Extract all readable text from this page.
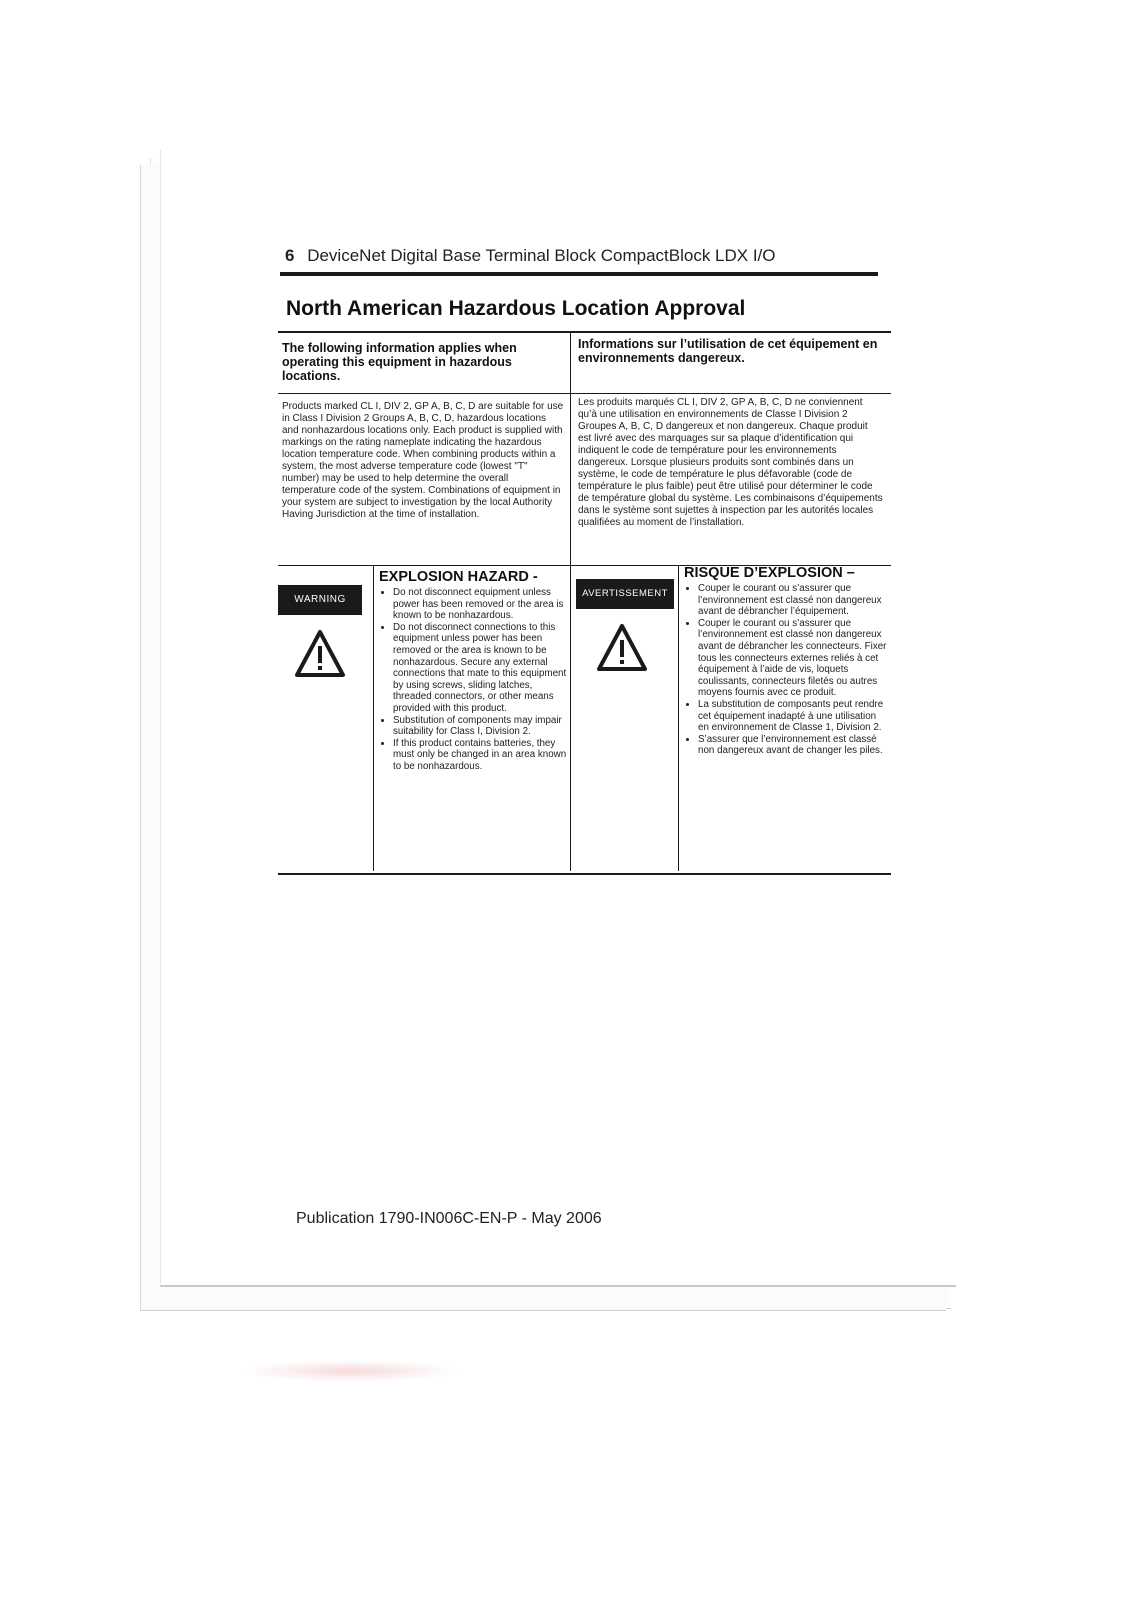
6 DeviceNet Digital Base Terminal Block CompactBlock LDX I/O
North American Hazardous Location Approval
The following information applies when operating this equipment in hazardous locations.
Informations sur l’utilisation de cet équipement en environnements dangereux.
Products marked CL I, DIV 2, GP A, B, C, D are suitable for use in Class I Division 2 Groups A, B, C, D, hazardous locations and nonhazardous locations only. Each product is supplied with markings on the rating nameplate indicating the hazardous location temperature code. When combining products within a system, the most adverse temperature code (lowest "T" number) may be used to help determine the overall temperature code of the system. Combinations of equipment in your system are subject to investigation by the local Authority Having Jurisdiction at the time of installation.
Les produits marqués CL I, DIV 2, GP A, B, C, D ne conviennent qu’à une utilisation en environnements de Classe I Division 2 Groupes A, B, C, D dangereux et non dangereux. Chaque produit est livré avec des marquages sur sa plaque d’identification qui indiquent le code de température pour les environnements dangereux. Lorsque plusieurs produits sont combinés dans un système, le code de température le plus défavorable (code de température le plus faible) peut être utilisé pour déterminer le code de température global du système. Les combinaisons d’équipements dans le système sont sujettes à inspection par les autorités locales qualifiées au moment de l’installation.
WARNING
EXPLOSION HAZARD -
• Do not disconnect equipment unless power has been removed or the area is known to be nonhazardous.
• Do not disconnect connections to this equipment unless power has been removed or the area is known to be nonhazardous. Secure any external connections that mate to this equipment by using screws, sliding latches, threaded connectors, or other means provided with this product.
• Substitution of components may impair suitability for Class I, Division 2.
• If this product contains batteries, they must only be changed in an area known to be nonhazardous.
AVERTISSEMENT
RISQUE D’EXPLOSION –
• Couper le courant ou s’assurer que l’environnement est classé non dangereux avant de débrancher l’équipement.
• Couper le courant ou s’assurer que l’environnement est classé non dangereux avant de débrancher les connecteurs. Fixer tous les connecteurs externes reliés à cet équipement à l’aide de vis, loquets coulissants, connecteurs filetés ou autres moyens fournis avec ce produit.
• La substitution de composants peut rendre cet équipement inadapté à une utilisation en environnement de Classe 1, Division 2.
• S’assurer que l’environnement est classé non dangereux avant de changer les piles.
Publication 1790-IN006C-EN-P - May 2006
